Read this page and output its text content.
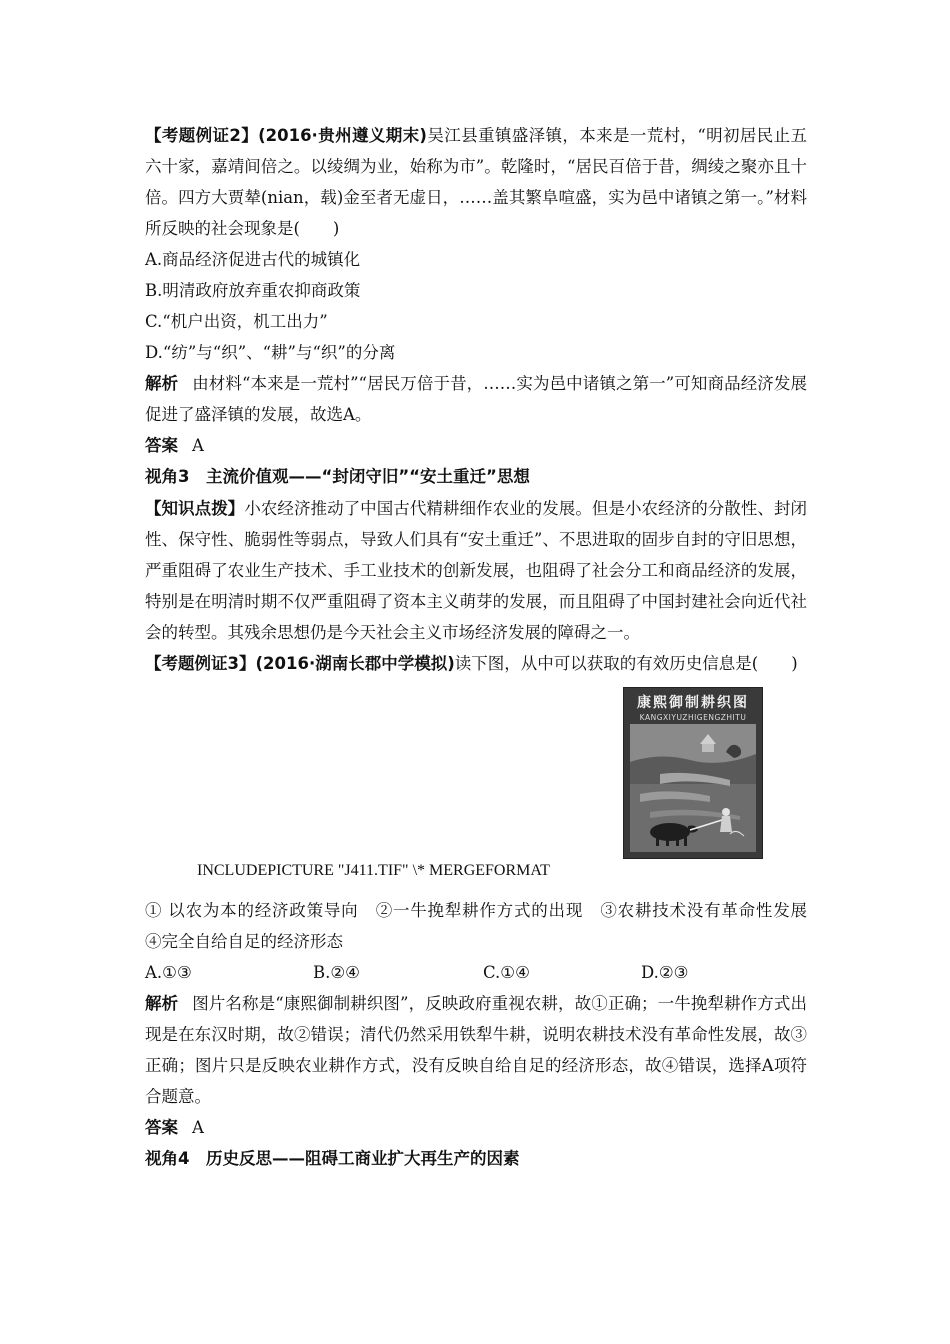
【考题例证2】(2016·贵州遵义期末)吴江县重镇盛泽镇，本来是一荒村，“明初居民止五六十家，嘉靖间倍之。以绫绸为业，始称为市”。乾隆时，“居民百倍于昔，绸绫之聚亦且十倍。四方大贾辇(nian，载)金至者无虚日，……盖其繁阜喧盛，实为邑中诸镇之第一。”材料所反映的社会现象是(　　)

A.商品经济促进古代的城镇化

B.明清政府放弃重农抑商政策

C.“机户出资，机工出力”

D.“纺”与“织”、“耕”与“织”的分离

解析 由材料“本来是一荒村”“居民万倍于昔，……实为邑中诸镇之第一”可知商品经济发展促进了盛泽镇的发展，故选A。

答案 A

视角3　主流价值观——“封闭守旧”“安土重迁”思想

【知识点拨】小农经济推动了中国古代精耕细作农业的发展。但是小农经济的分散性、封闭性、保守性、脆弱性等弱点，导致人们具有“安土重迁”、不思进取的固步自封的守旧思想，严重阻碍了农业生产技术、手工业技术的创新发展，也阻碍了社会分工和商品经济的发展，特别是在明清时期不仅严重阻碍了资本主义萌芽的发展，而且阻碍了中国封建社会向近代社会的转型。其残余思想仍是今天社会主义市场经济发展的障碍之一。

【考题例证3】(2016·湖南长郡中学模拟)读下图，从中可以获取的有效历史信息是(　　)

康熙御制耕织图
KANGXIYUZHIGENGZHITU
INCLUDEPICTURE "J411.TIF" \* MERGEFORMAT

① 以农为本的经济政策导向　②一牛挽犁耕作方式的出现　③农耕技术没有革命性发展　④完全自给自足的经济形态

A.①③	B.②④	C.①④	D.②③

解析 图片名称是“康熙御制耕织图”，反映政府重视农耕，故①正确；一牛挽犁耕作方式出现是在东汉时期，故②错误；清代仍然采用铁犁牛耕，说明农耕技术没有革命性发展，故③正确；图片只是反映农业耕作方式，没有反映自给自足的经济形态，故④错误，选择A项符合题意。

答案 A

视角4　历史反思——阻碍工商业扩大再生产的因素
